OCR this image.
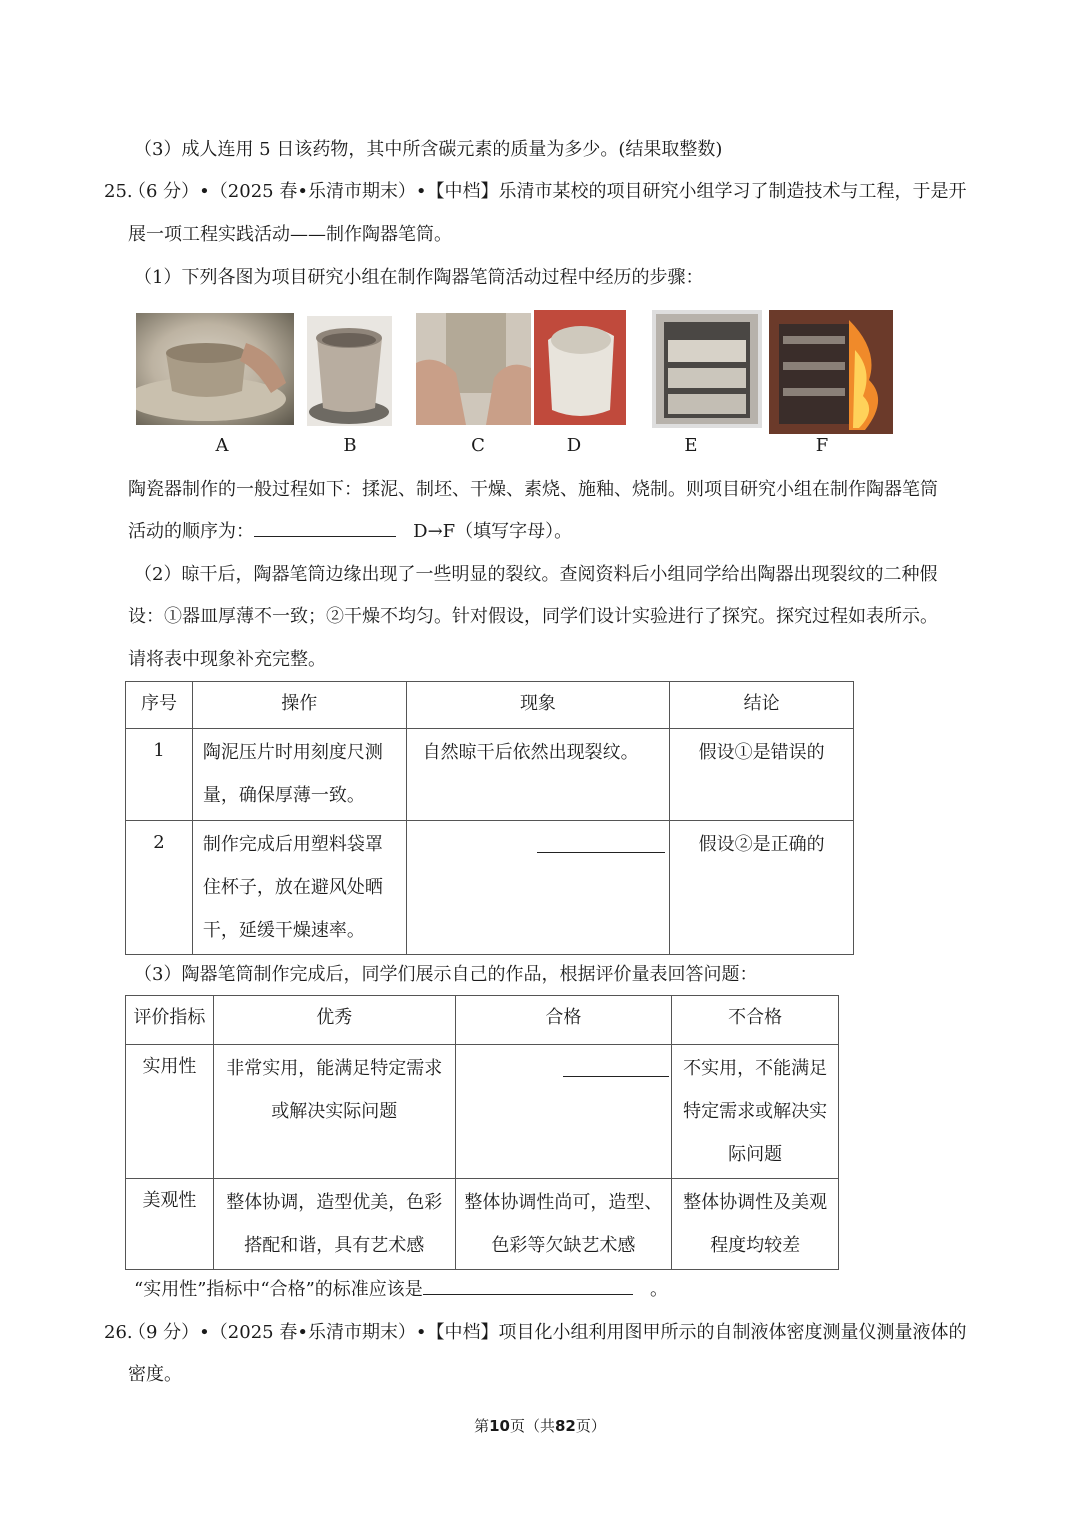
（3）成人连用 5 日该药物，其中所含碳元素的质量为多少。(结果取整数)
25.
（6 分）•（2025 春•乐清市期末）•【中档】乐清市某校的项目研究小组学习了制造技术与工程，于是开
展一项工程实践活动——制作陶器笔筒。
（1）下列各图为项目研究小组在制作陶器笔筒活动过程中经历的步骤：
A	B	C	D	E	F
陶瓷器制作的一般过程如下：揉泥、制坯、干燥、素烧、施釉、烧制。则项目研究小组在制作陶器笔筒
活动的顺序为：	D→F（填写字母）。
（2）晾干后，陶器笔筒边缘出现了一些明显的裂纹。查阅资料后小组同学给出陶器出现裂纹的二种假
设：①器皿厚薄不一致；②干燥不均匀。针对假设，同学们设计实验进行了探究。探究过程如表所示。
请将表中现象补充完整。
序号	操作	现象	结论
1	陶泥压片时用刻度尺测量，确保厚薄一致。	自然晾干后依然出现裂纹。	假设①是错误的
2	制作完成后用塑料袋罩住杯子，放在避风处晒干，延缓干燥速率。		假设②是正确的
（3）陶器笔筒制作完成后，同学们展示自己的作品，根据评价量表回答问题：
评价指标	优秀	合格	不合格
实用性	非常实用，能满足特定需求或解决实际问题		不实用，不能满足特定需求或解决实际问题
美观性	整体协调，造型优美，色彩搭配和谐，具有艺术感	整体协调性尚可，造型、色彩等欠缺艺术感	整体协调性及美观程度均较差
“实用性”指标中“合格”的标准应该是	。
26.
（9 分）•（2025 春•乐清市期末）•【中档】项目化小组利用图甲所示的自制液体密度测量仪测量液体的
密度。
第10页（共82页）
